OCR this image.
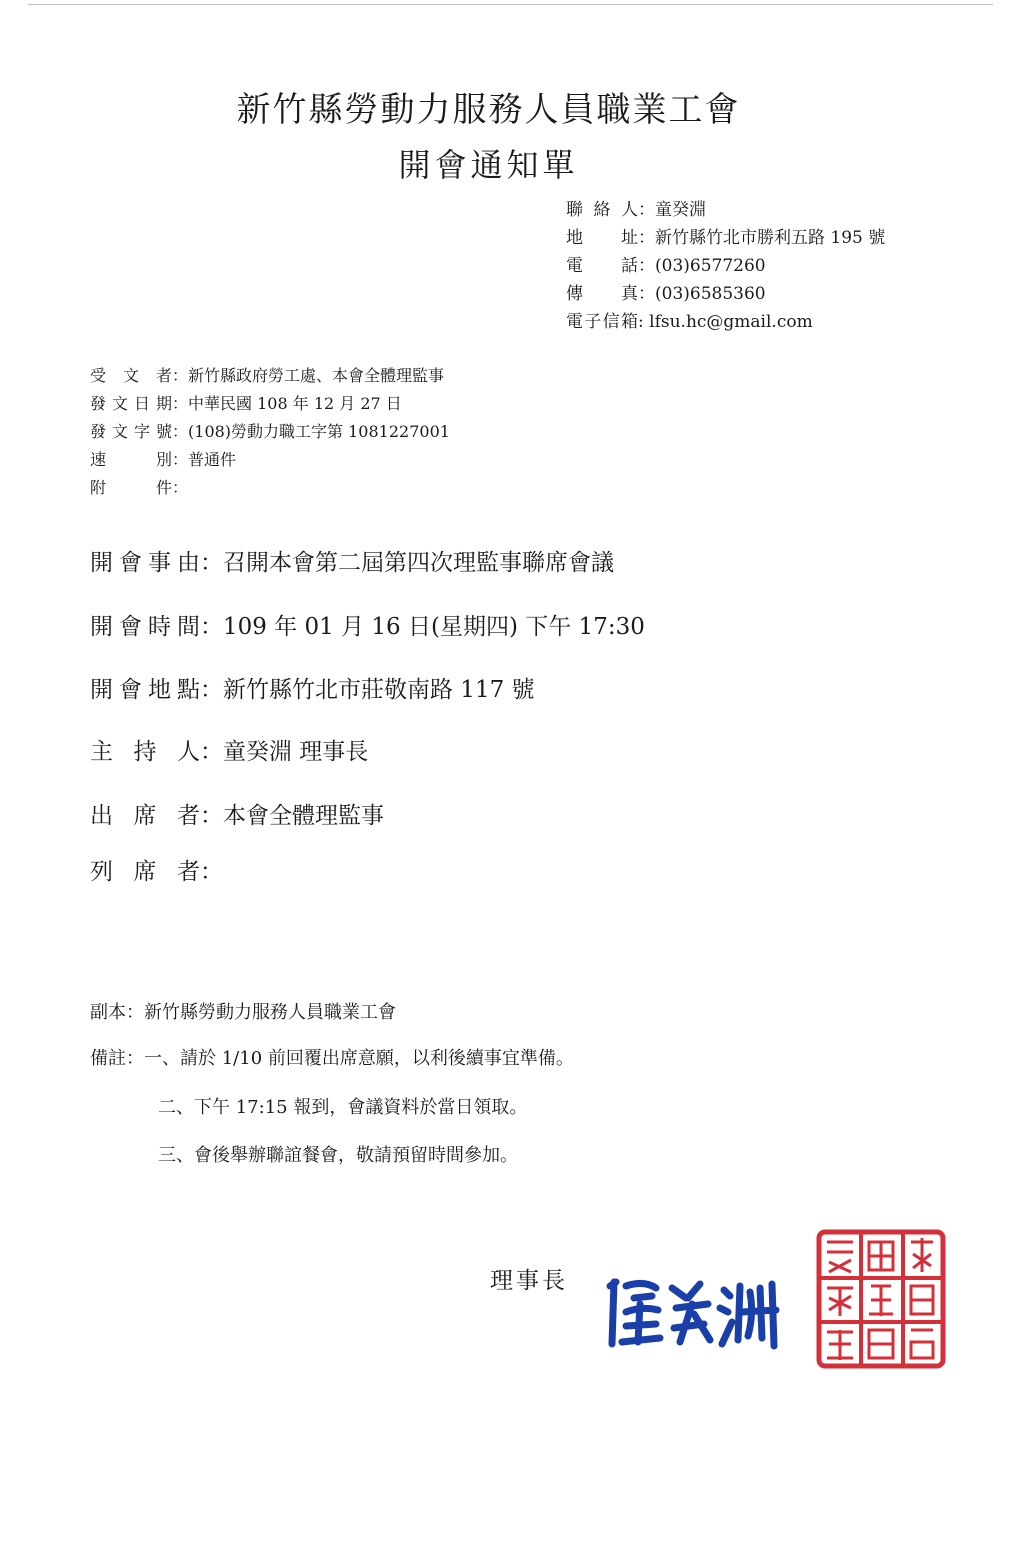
新竹縣勞動力服務人員職業工會
開會通知單
聯絡人：童癸淵
地址：新竹縣竹北市勝利五路 195 號
電話：(03)6577260
傳真：(03)6585360
電子信箱: lfsu.hc@gmail.com
受文者：新竹縣政府勞工處、本會全體理監事
發文日期：中華民國 108 年 12 月 27 日
發文字號：(108)勞動力職工字第 1081227001
速別：普通件
附件：
開會事由：召開本會第二屆第四次理監事聯席會議
開會時間：109 年 01 月 16 日(星期四) 下午 17:30
開會地點：新竹縣竹北市莊敬南路 117 號
主持人：童癸淵 理事長
出席者：本會全體理監事
列席者：
副本：新竹縣勞動力服務人員職業工會
備註：一、請於 1/10 前回覆出席意願，以利後續事宜準備。
二、下午 17:15 報到，會議資料於當日領取。
三、會後舉辦聯誼餐會，敬請預留時間參加。
理事長
